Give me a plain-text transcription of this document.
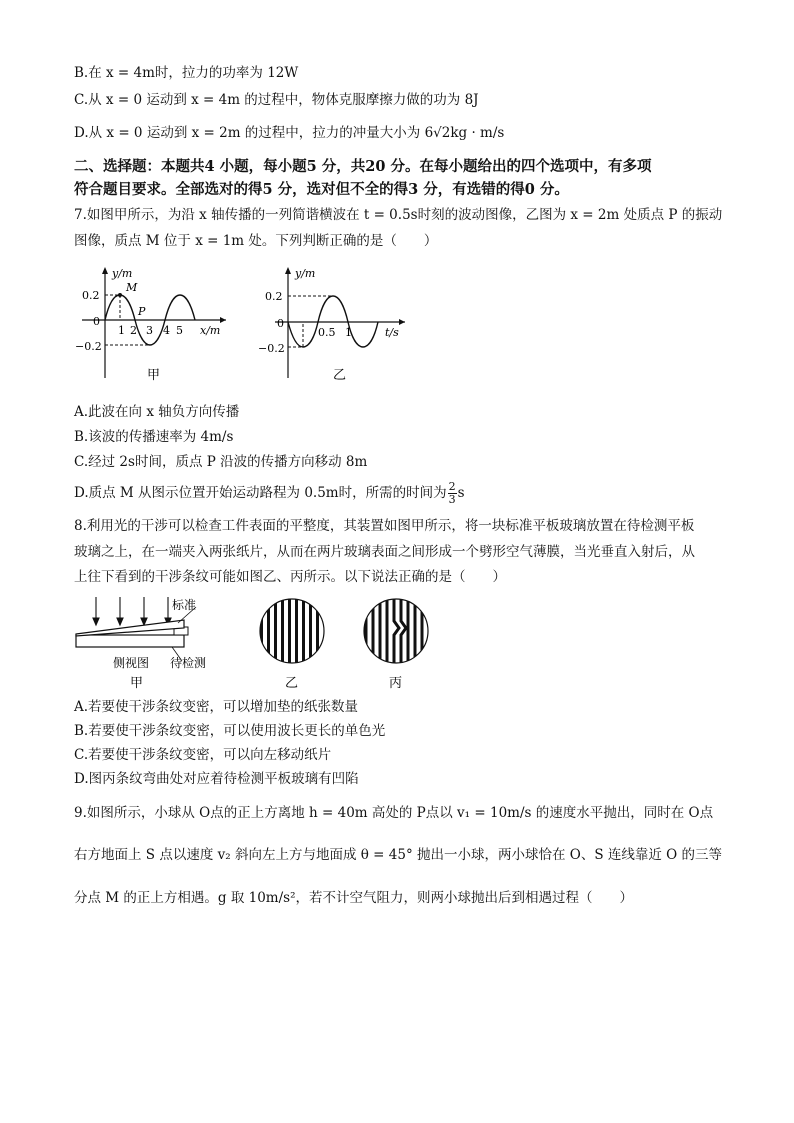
B.在 x = 4m时，拉力的功率为 12W
C.从 x = 0 运动到 x = 4m 的过程中，物体克服摩擦力做的功为 8J
D.从 x = 0 运动到 x = 2m 的过程中，拉力的冲量大小为 6√2kg · m/s
二、选择题：本题共4 小题，每小题5 分，共20 分。在每小题给出的四个选项中，有多项
符合题目要求。全部选对的得5 分，选对但不全的得3 分，有选错的得0 分。
7.如图甲所示，为沿 x 轴传播的一列简谐横波在 t = 0.5s时刻的波动图像，乙图为 x = 2m 处质点 P 的振动
图像，质点 M 位于 x = 1m 处。下列判断正确的是（　　）
y/m
x/m
0.2
−0.2
0
1 2 3 4 5
M
P
甲
y/m
t/s
0.2
−0.2
0
0.5 1
乙
A.此波在向 x 轴负方向传播
B.该波的传播速率为 4m/s
C.经过 2s时间，质点 P 沿波的传播方向移动 8m
D.质点 M 从图示位置开始运动路程为 0.5m时，所需的时间为 $\frac{2}{3}$ s
8.利用光的干涉可以检查工件表面的平整度，其装置如图甲所示，将一块标准平板玻璃放置在待检测平板
玻璃之上，在一端夹入两张纸片，从而在两片玻璃表面之间形成一个劈形空气薄膜，当光垂直入射后，从
上往下看到的干涉条纹可能如图乙、丙所示。以下说法正确的是（　　）
标准
侧视图 待检测
甲	乙	丙
A.若要使干涉条纹变密，可以增加垫的纸张数量
B.若要使干涉条纹变密，可以使用波长更长的单色光
C.若要使干涉条纹变密，可以向左移动纸片
D.图丙条纹弯曲处对应着待检测平板玻璃有凹陷
9.如图所示，小球从 O点的正上方离地 h = 40m 高处的 P点以 v₁ = 10m/s 的速度水平抛出，同时在 O点
右方地面上 S 点以速度 v₂ 斜向左上方与地面成 θ = 45° 抛出一小球，两小球恰在 O、S 连线靠近 O 的三等
分点 M 的正上方相遇。g 取 10m/s²，若不计空气阻力，则两小球抛出后到相遇过程（　　）
